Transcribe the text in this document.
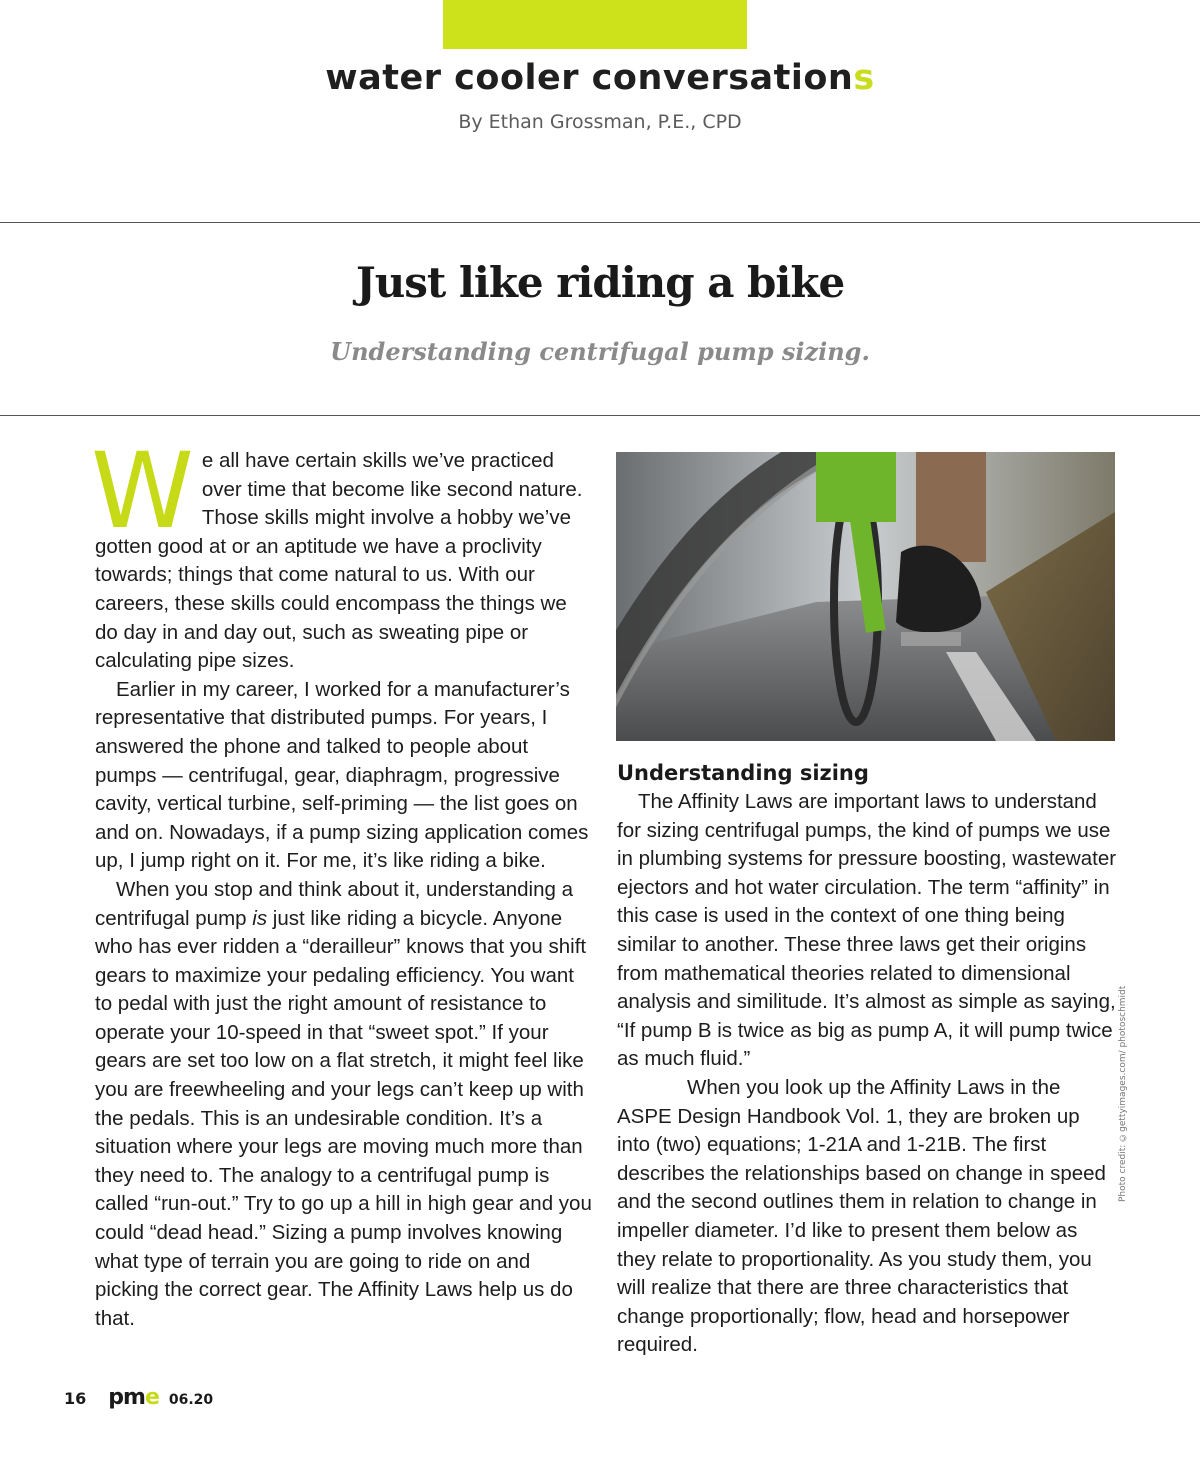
water cooler conversations
By Ethan Grossman, P.E., CPD
Just like riding a bike
Understanding centrifugal pump sizing.

We all have certain skills we’ve practiced over time that become like second nature. Those skills might involve a hobby we’ve gotten good at or an aptitude we have a proclivity towards; things that come natural to us. With our careers, these skills could encompass the things we do day in and day out, such as sweating pipe or calculating pipe sizes.

Earlier in my career, I worked for a manufacturer’s representative that distributed pumps. For years, I answered the phone and talked to people about pumps — centrifugal, gear, diaphragm, progressive cavity, vertical turbine, self-priming — the list goes on and on. Nowadays, if a pump sizing application comes up, I jump right on it. For me, it’s like riding a bike.

When you stop and think about it, understanding a centrifugal pump is just like riding a bicycle. Anyone who has ever ridden a “derailleur” knows that you shift gears to maximize your pedaling efficiency. You want to pedal with just the right amount of resistance to operate your 10-speed in that “sweet spot.” If your gears are set too low on a flat stretch, it might feel like you are freewheeling and your legs can’t keep up with the pedals. This is an undesirable condition. It’s a situation where your legs are moving much more than they need to. The analogy to a centrifugal pump is called “run-out.” Try to go up a hill in high gear and you could “dead head.” Sizing a pump involves knowing what type of terrain you are going to ride on and picking the correct gear. The Affinity Laws help us do that.

Photo credit: ©gettyimages.com/ photoschmidt

Understanding sizing

The Affinity Laws are important laws to understand for sizing centrifugal pumps, the kind of pumps we use in plumbing systems for pressure boosting, wastewater ejectors and hot water circulation. The term “affinity” in this case is used in the context of one thing being similar to another. These three laws get their origins from mathematical theories related to dimensional analysis and similitude. It’s almost as simple as saying, “If pump B is twice as big as pump A, it will pump twice as much fluid.”

When you look up the Affinity Laws in the ASPE Design Handbook Vol. 1, they are broken up into (two) equations; 1-21A and 1-21B. The first describes the relationships based on change in speed and the second outlines them in relation to change in impeller diameter. I’d like to present them below as they relate to proportionality. As you study them, you will realize that there are three characteristics that change proportionally; flow, head and horsepower required.

16 pme 06.20
